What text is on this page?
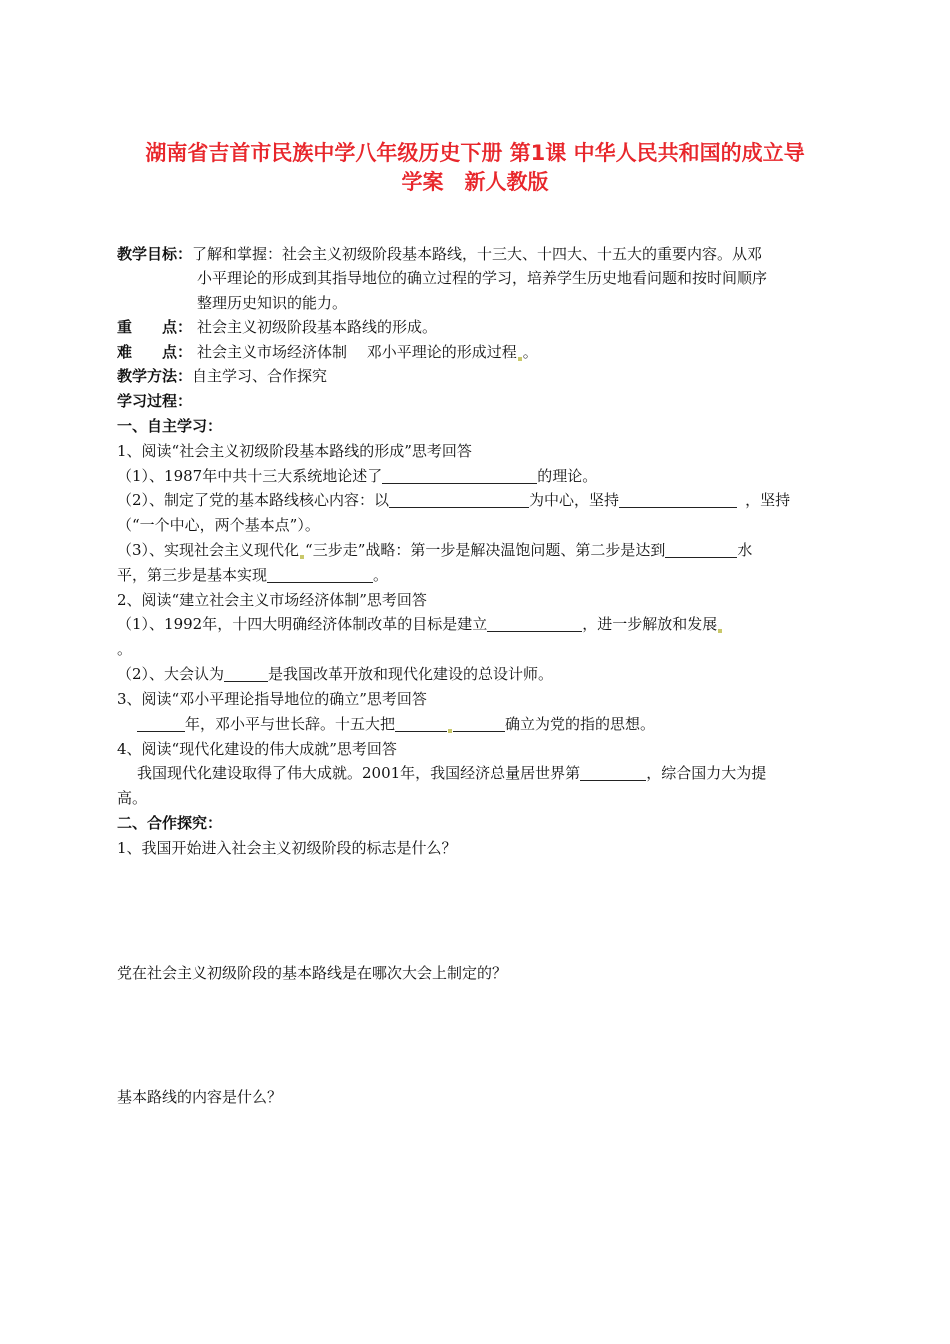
湖南省吉首市民族中学八年级历史下册 第1课 中华人民共和国的成立导
学案　新人教版
教学目标：了解和掌握：社会主义初级阶段基本路线，十三大、十四大、十五大的重要内容。从邓
小平理论的形成到其指导地位的确立过程的学习，培养学生历史地看问题和按时间顺序
整理历史知识的能力。
重 点： 社会主义初级阶段基本路线的形成。
难 点： 社会主义市场经济体制　 邓小平理论的形成过程 。
教学方法：自主学习、合作探究
学习过程：
一、自主学习：
1、阅读“社会主义初级阶段基本路线的形成”思考回答
（1）、1987年中共十三大系统地论述了	的理论。
（2）、制定了党的基本路线核心内容：以	为中心，坚持	，坚持
（“一个中心，两个基本点”）。
（3）、实现社会主义现代化 “三步走”战略：第一步是解决温饱问题、第二步是达到	水
平，第三步是基本实现	。
2、阅读“建立社会主义市场经济体制”思考回答
（1）、1992年，十四大明确经济体制改革的目标是建立	，进一步解放和发展
。
（2）、大会认为	是我国改革开放和现代化建设的总设计师。
3、阅读“邓小平理论指导地位的确立”思考回答
年，邓小平与世长辞。十五大把	确立为党的指的思想。
4、阅读“现代化建设的伟大成就”思考回答
我国现代化建设取得了伟大成就。2001年，我国经济总量居世界第	，综合国力大为提
高。
二、合作探究：
1、我国开始进入社会主义初级阶段的标志是什么？
党在社会主义初级阶段的基本路线是在哪次大会上制定的？
基本路线的内容是什么？
